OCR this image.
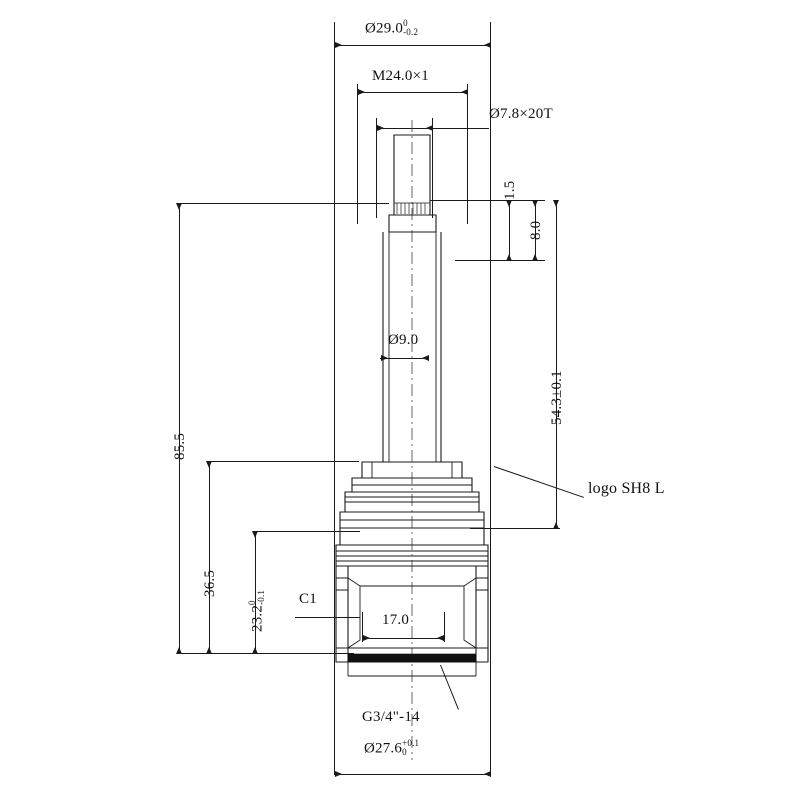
Ø29.0 0
-0.2
M24.0×1
Ø7.8×20T
Ø9.0
1.5
8.0
54.3±0.1
85.5
36.5
23.2
0 -0.1 C1
17.0
G3/4"-14
Ø27.6 +0.1
0
logo SH8 L
